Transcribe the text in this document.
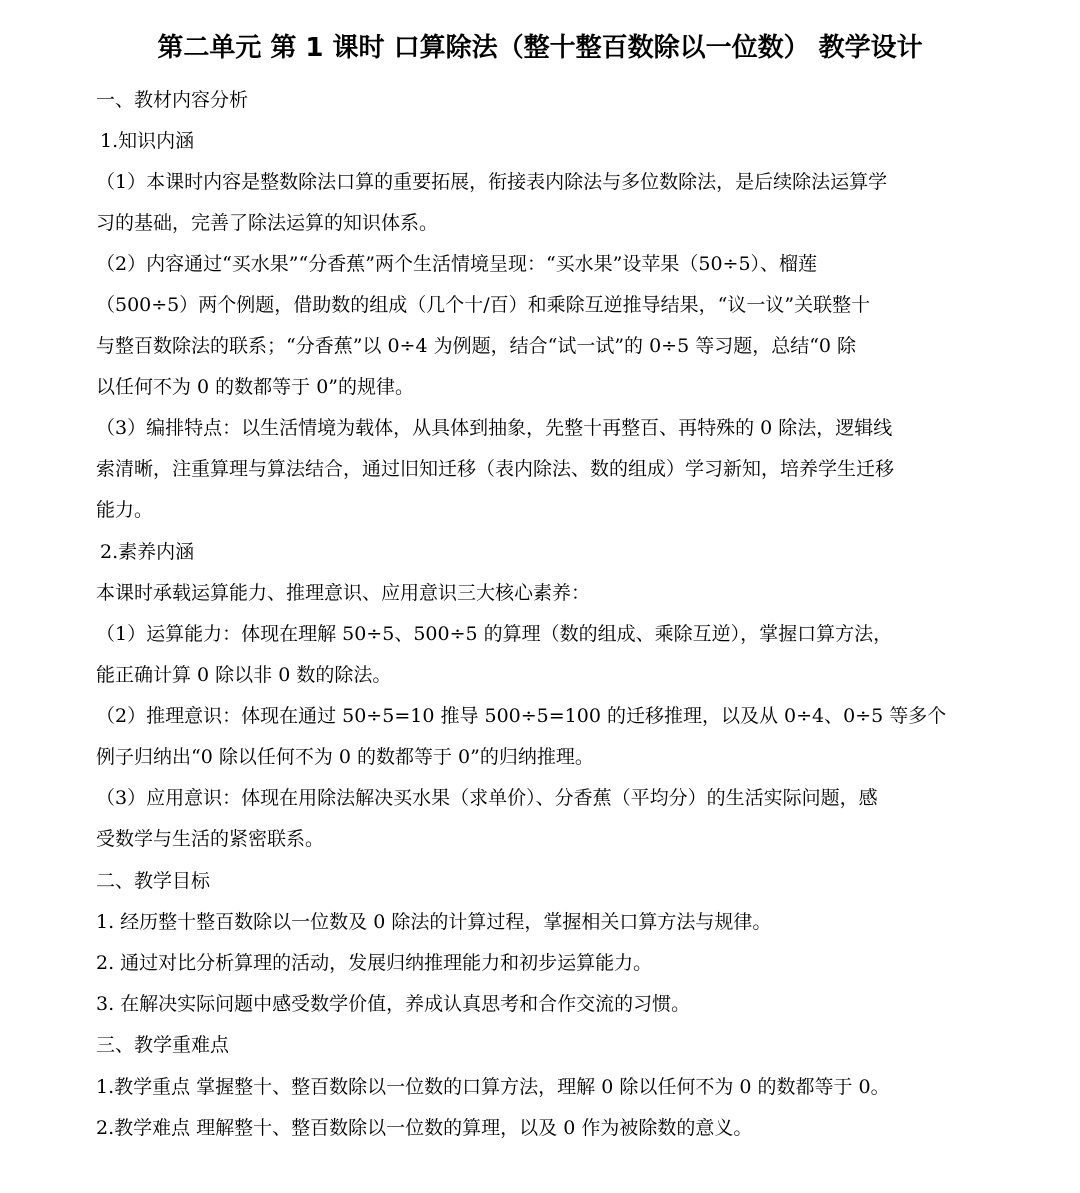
第二单元 第 1 课时 口算除法（整十整百数除以一位数） 教学设计
一、教材内容分析
1.知识内涵
（1）本课时内容是整数除法口算的重要拓展，衔接表内除法与多位数除法，是后续除法运算学
习的基础，完善了除法运算的知识体系。
（2）内容通过“买水果”“分香蕉”两个生活情境呈现：“买水果”设苹果（50÷5）、榴莲
（500÷5）两个例题，借助数的组成（几个十/百）和乘除互逆推导结果，“议一议”关联整十
与整百数除法的联系；“分香蕉”以 0÷4 为例题，结合“试一试”的 0÷5 等习题，总结“0 除
以任何不为 0 的数都等于 0”的规律。
（3）编排特点：以生活情境为载体，从具体到抽象，先整十再整百、再特殊的 0 除法，逻辑线
索清晰，注重算理与算法结合，通过旧知迁移（表内除法、数的组成）学习新知，培养学生迁移
能力。
2.素养内涵
本课时承载运算能力、推理意识、应用意识三大核心素养：
（1）运算能力：体现在理解 50÷5、500÷5 的算理（数的组成、乘除互逆），掌握口算方法，
能正确计算 0 除以非 0 数的除法。
（2）推理意识：体现在通过 50÷5=10 推导 500÷5=100 的迁移推理，以及从 0÷4、0÷5 等多个
例子归纳出“0 除以任何不为 0 的数都等于 0”的归纳推理。
（3）应用意识：体现在用除法解决买水果（求单价）、分香蕉（平均分）的生活实际问题，感
受数学与生活的紧密联系。
二、教学目标
1. 经历整十整百数除以一位数及 0 除法的计算过程，掌握相关口算方法与规律。
2. 通过对比分析算理的活动，发展归纳推理能力和初步运算能力。
3. 在解决实际问题中感受数学价值，养成认真思考和合作交流的习惯。
三、教学重难点
1.教学重点 掌握整十、整百数除以一位数的口算方法，理解 0 除以任何不为 0 的数都等于 0。
2.教学难点 理解整十、整百数除以一位数的算理，以及 0 作为被除数的意义。
